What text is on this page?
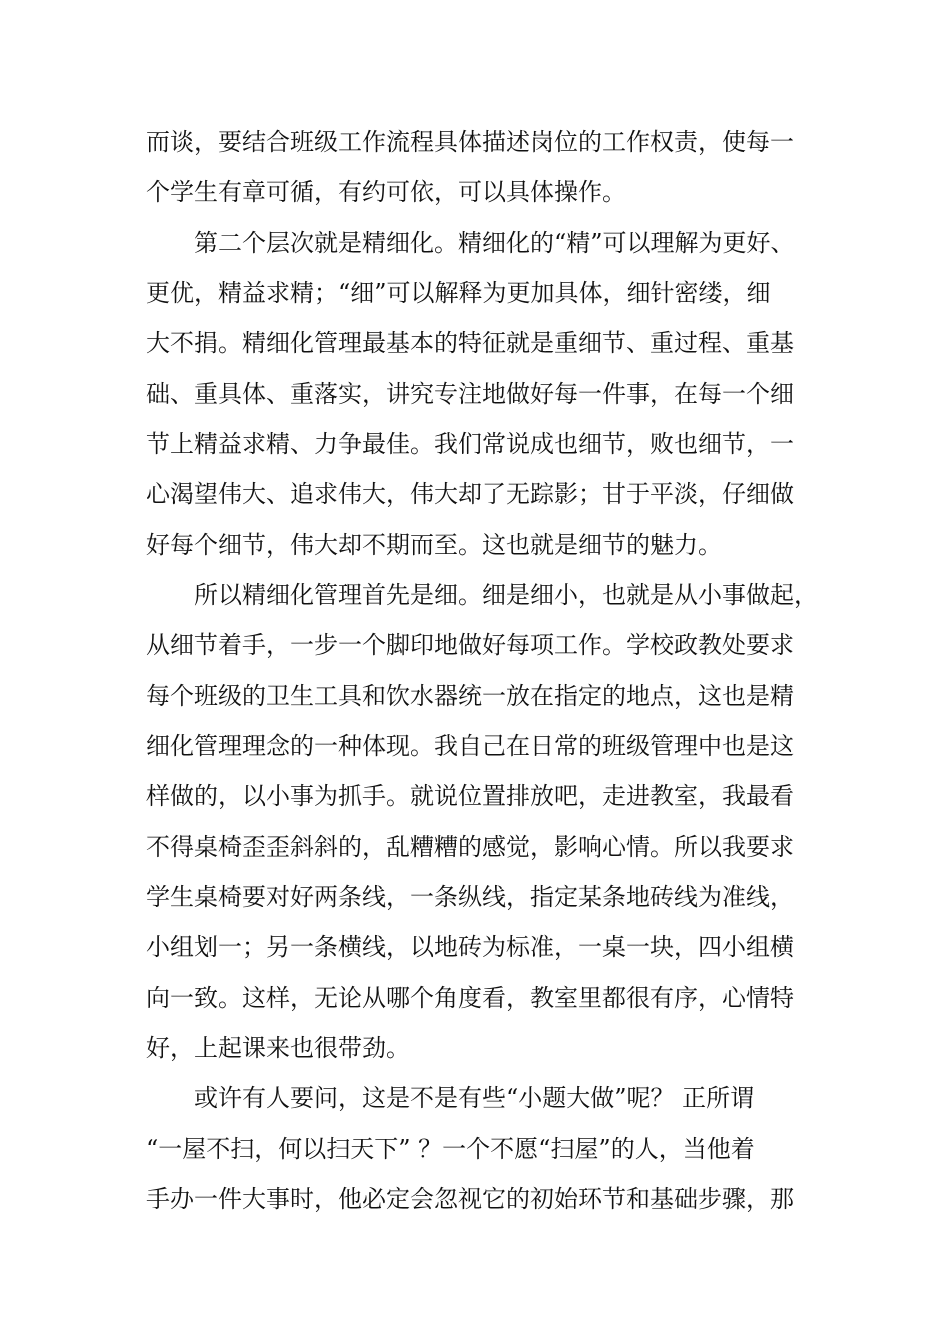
而谈，要结合班级工作流程具体描述岗位的工作权责，使每一
个学生有章可循，有约可依，可以具体操作。
第二个层次就是精细化。精细化的“精”可以理解为更好、
更优，精益求精；“细”可以解释为更加具体，细针密缕，细
大不捐。精细化管理最基本的特征就是重细节、重过程、重基
础、重具体、重落实，讲究专注地做好每一件事，在每一个细
节上精益求精、力争最佳。我们常说成也细节，败也细节，一
心渴望伟大、追求伟大，伟大却了无踪影；甘于平淡，仔细做
好每个细节，伟大却不期而至。这也就是细节的魅力。
所以精细化管理首先是细。细是细小，也就是从小事做起，
从细节着手，一步一个脚印地做好每项工作。学校政教处要求
每个班级的卫生工具和饮水器统一放在指定的地点，这也是精
细化管理理念的一种体现。我自己在日常的班级管理中也是这
样做的，以小事为抓手。就说位置排放吧，走进教室，我最看
不得桌椅歪歪斜斜的，乱糟糟的感觉，影响心情。所以我要求
学生桌椅要对好两条线，一条纵线，指定某条地砖线为准线，
小组划一；另一条横线，以地砖为标准，一桌一块，四小组横
向一致。这样，无论从哪个角度看，教室里都很有序，心情特
好，上起课来也很带劲。
或许有人要问，这是不是有些“小题大做”呢？ 正所谓
“一屋不扫，何以扫天下” ？一个不愿“扫屋”的人，当他着
手办一件大事时，他必定会忽视它的初始环节和基础步骤，那
